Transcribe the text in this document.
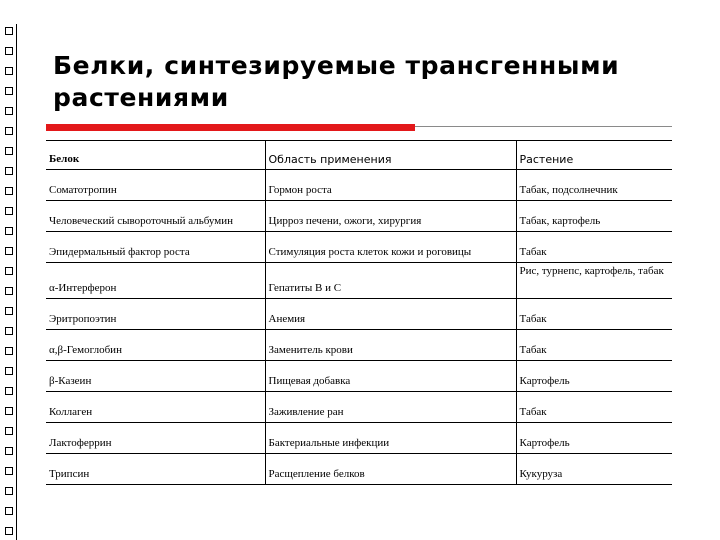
Белки, синтезируемые трансгенными растениями
Белок	Область применения	Растение
Соматотропин	Гормон роста	Табак, подсолнечник
Человеческий сывороточный альбумин	Цирроз печени, ожоги, хирургия	Табак, картофель
Эпидермальный фактор роста	Стимуляция роста клеток кожи и роговицы	Табак
α-Интерферон	Гепатиты В и С	Рис, турнепс, картофель, табак
Эритропоэтин	Анемия	Табак
α,β-Гемоглобин	Заменитель крови	Табак
β-Казеин	Пищевая добавка	Картофель
Коллаген	Заживление ран	Табак
Лактоферрин	Бактериальные инфекции	Картофель
Трипсин	Расщепление белков	Кукуруза
